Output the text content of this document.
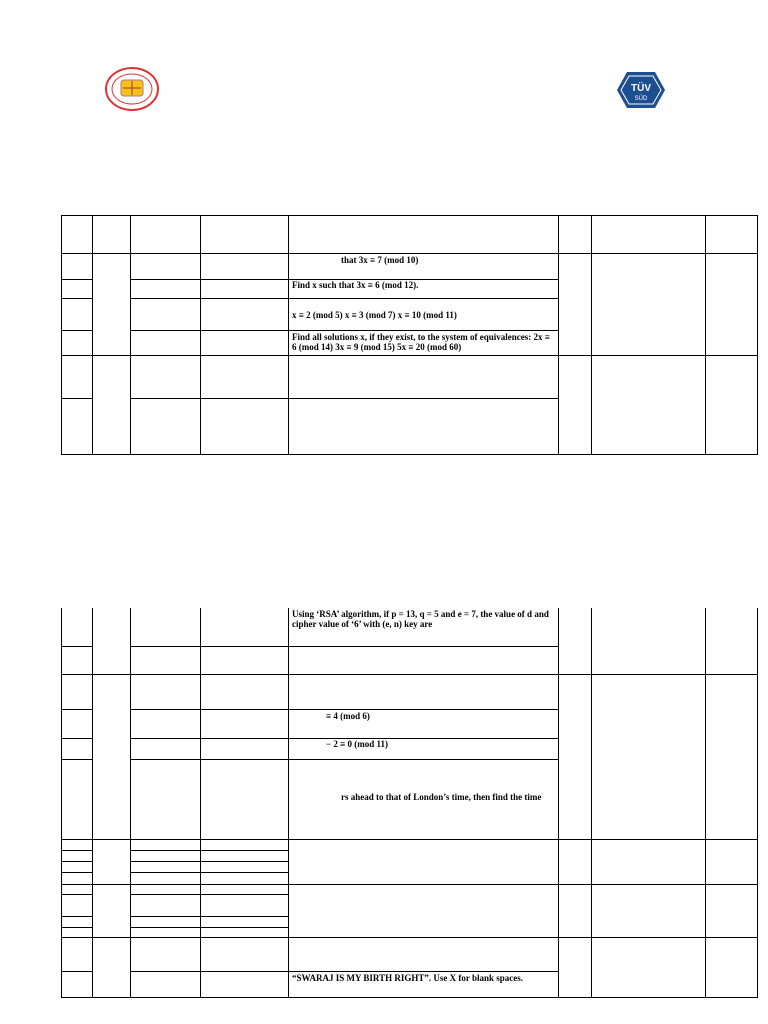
TÜV
SÜD
that 3x ≡ 7 (mod 10)
Find x such that 3x ≡ 6 (mod 12).
x ≡ 2 (mod 5) x ≡ 3 (mod 7) x ≡ 10 (mod 11)
Find all solutions x, if they exist, to the system of equivalences: 2x ≡
6 (mod 14) 3x ≡ 9 (mod 15) 5x ≡ 20 (mod 60)
Using ‘RSA’ algorithm, if p = 13, q = 5 and e = 7, the value of d and
cipher value of ‘6’ with (e, n) key are
≡ 4 (mod 6)
− 2 ≡ 0 (mod 11)
rs ahead to that of London’s time, then find the time
“SWARAJ IS MY BIRTH RIGHT”. Use X for blank spaces.
